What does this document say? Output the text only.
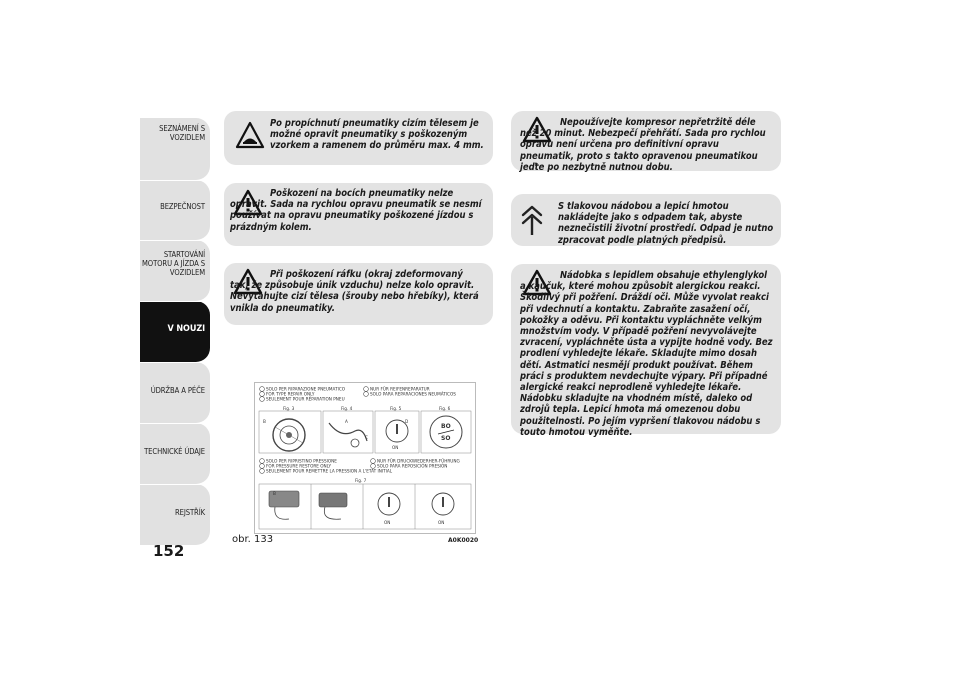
SEZNÁMENÍ S VOZIDLEM
BEZPEČNOST
STARTOVÁNÍ MOTORU A JÍZDA S VOZIDLEM
V NOUZI
ÚDRŽBA A PÉČE
TECHNICKÉ ÚDAJE
REJSTŘÍK
152

Po propíchnutí pneumatiky cizím tělesem je možné opravit pneumatiky s poškozeným vzorkem a ramenem do průměru max. 4 mm.

Poškození na bocích pneumatiky nelze opravit. Sada na rychlou opravu pneumatik se nesmí používat na opravu pneumatiky poškozené jízdou s prázdným kolem.

Při poškození ráfku (okraj zdeformovaný tak, že způsobuje únik vzduchu) nelze kolo opravit. Nevytahujte cizí tělesa (šrouby nebo hřebíky), která vnikla do pneumatiky.

Nepoužívejte kompresor nepřetržitě déle než 20 minut. Nebezpečí přehřátí. Sada pro rychlou opravu není určena pro definitivní opravu pneumatik, proto s takto opravenou pneumatikou jeďte po nezbytně nutnou dobu.

S tlakovou nádobou a lepicí hmotou nakládejte jako s odpadem tak, abyste neznečistili životní prostředí. Odpad je nutno zpracovat podle platných předpisů.

Nádobka s lepidlem obsahuje ethylenglykol a kaučuk, které mohou způsobit alergickou reakci. Škodlivý při požření. Dráždí oči. Může vyvolat reakci při vdechnutí a kontaktu. Zabraňte zasažení očí, pokožky a oděvu. Při kontaktu vypláchněte velkým množstvím vody. V případě požření nevyvolávejte zvracení, vypláchněte ústa a vypijte hodně vody. Bez prodlení vyhledejte lékaře. Skladujte mimo dosah dětí. Astmatici nesmějí produkt používat. Během práci s produktem nevdechujte výpary. Při případné alergické reakci neprodleně vyhledejte lékaře. Nádobku skladujte na vhodném místě, daleko od zdrojů tepla. Lepicí hmota má omezenou dobu použitelnosti. Po jejím vypršení tlakovou nádobu s touto hmotou vyměňte.

SOLO PER RIPARAZIONE PNEUMATICO
FOR TYPE REPAIR ONLY
SEULEMENT POUR RÉPARATION PNEU
NUR FÜR REIFENREPARATUR
SOLO PARA REPARACIONES NEUMÁTICOS
Fig. 3	Fig. 4	Fig. 5	Fig. 6
B	A
C
ON
D
BO
SO
SOLO PER RIPRISTINO PRESSIONE
FOR PRESSURE RESTORE ONLY
SEULEMENT POUR REMETTRE LA PRESSION A L'ETAT INITIAL
NUR FÜR DRUCKWIEDERHER-FÜHRUNG
SOLO PARA REPOSICIÓN PRESIÓN
Fig. 7
ON	ON
B
obr. 133	A0K0020
